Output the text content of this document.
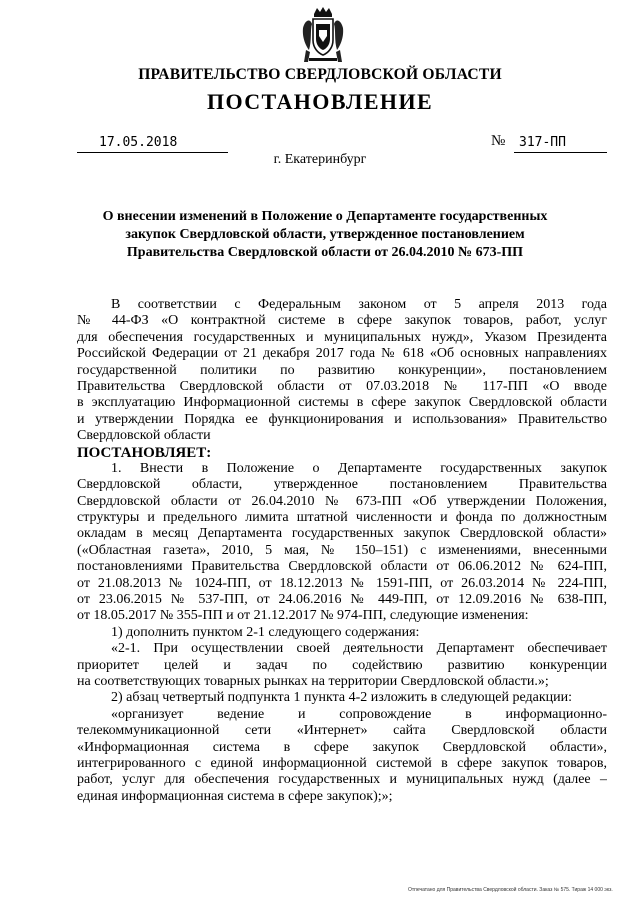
ПРАВИТЕЛЬСТВО СВЕРДЛОВСКОЙ ОБЛАСТИ
ПОСТАНОВЛЕНИЕ
17.05.2018	№ 317-ПП
г. Екатеринбург
О внесении изменений в Положение о Департаменте государственных
закупок Свердловской области, утвержденное постановлением
Правительства Свердловской области от 26.04.2010 № 673-ПП
В соответствии с Федеральным законом от 5 апреля 2013 года
№ 44-ФЗ «О контрактной системе в сфере закупок товаров, работ, услуг
для обеспечения государственных и муниципальных нужд», Указом Президента
Российской Федерации от 21 декабря 2017 года № 618 «Об основных направлениях
государственной политики по развитию конкуренции», постановлением
Правительства Свердловской области от 07.03.2018 № 117-ПП «О вводе
в эксплуатацию Информационной системы в сфере закупок Свердловской области
и утверждении Порядка ее функционирования и использования» Правительство
Свердловской области
ПОСТАНОВЛЯЕТ:
1. Внести в Положение о Департаменте государственных закупок
Свердловской области, утвержденное постановлением Правительства
Свердловской области от 26.04.2010 № 673-ПП «Об утверждении Положения,
структуры и предельного лимита штатной численности и фонда по должностным
окладам в месяц Департамента государственных закупок Свердловской области»
(«Областная газета», 2010, 5 мая, № 150–151) с изменениями, внесенными
постановлениями Правительства Свердловской области от 06.06.2012 № 624-ПП,
от 21.08.2013 № 1024-ПП, от 18.12.2013 № 1591-ПП, от 26.03.2014 № 224-ПП,
от 23.06.2015 № 537-ПП, от 24.06.2016 № 449-ПП, от 12.09.2016 № 638-ПП,
от 18.05.2017 № 355-ПП и от 21.12.2017 № 974-ПП, следующие изменения:
1) дополнить пунктом 2-1 следующего содержания:
«2-1. При осуществлении своей деятельности Департамент обеспечивает
приоритет целей и задач по содействию развитию конкуренции
на соответствующих товарных рынках на территории Свердловской области.»;
2) абзац четвертый подпункта 1 пункта 4-2 изложить в следующей редакции:
«организует ведение и сопровождение в информационно-
телекоммуникационной сети «Интернет» сайта Свердловской области
«Информационная система в сфере закупок Свердловской области»,
интегрированного с единой информационной системой в сфере закупок товаров,
работ, услуг для обеспечения государственных и муниципальных нужд (далее –
единая информационная система в сфере закупок);»;
Отпечатано для Правительства Свердловской области. Заказ № 575. Тираж 14 000 экз.
